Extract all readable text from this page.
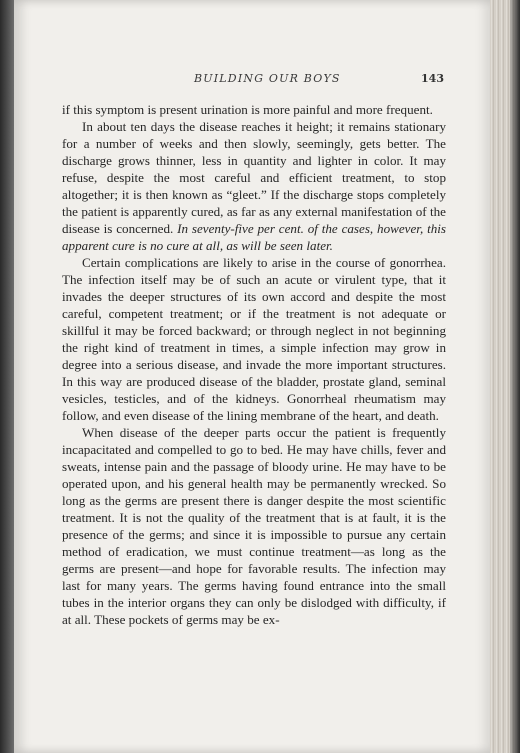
BUILDING OUR BOYS	143

if this symptom is present urination is more painful and more frequent.

In about ten days the disease reaches it height; it remains stationary for a number of weeks and then slowly, seemingly, gets better. The discharge grows thinner, less in quantity and lighter in color. It may refuse, despite the most careful and efficient treatment, to stop altogether; it is then known as “gleet.” If the discharge stops completely the patient is apparently cured, as far as any external manifestation of the disease is concerned. In seventy-five per cent. of the cases, however, this apparent cure is no cure at all, as will be seen later.

Certain complications are likely to arise in the course of gonorrhea. The infection itself may be of such an acute or virulent type, that it invades the deeper structures of its own accord and despite the most careful, competent treatment; or if the treatment is not adequate or skillful it may be forced backward; or through neglect in not beginning the right kind of treatment in times, a simple infection may grow in degree into a serious disease, and invade the more important structures. In this way are produced disease of the bladder, prostate gland, seminal vesicles, testicles, and of the kidneys. Gonorrheal rheumatism may follow, and even disease of the lining membrane of the heart, and death.

When disease of the deeper parts occur the patient is frequently incapacitated and compelled to go to bed. He may have chills, fever and sweats, intense pain and the passage of bloody urine. He may have to be operated upon, and his general health may be permanently wrecked. So long as the germs are present there is danger despite the most scientific treatment. It is not the quality of the treatment that is at fault, it is the presence of the germs; and since it is impossible to pursue any certain method of eradication, we must continue treatment—as long as the germs are present—and hope for favorable results. The infection may last for many years. The germs having found entrance into the small tubes in the interior organs they can only be dislodged with difficulty, if at all. These pockets of germs may be ex-
